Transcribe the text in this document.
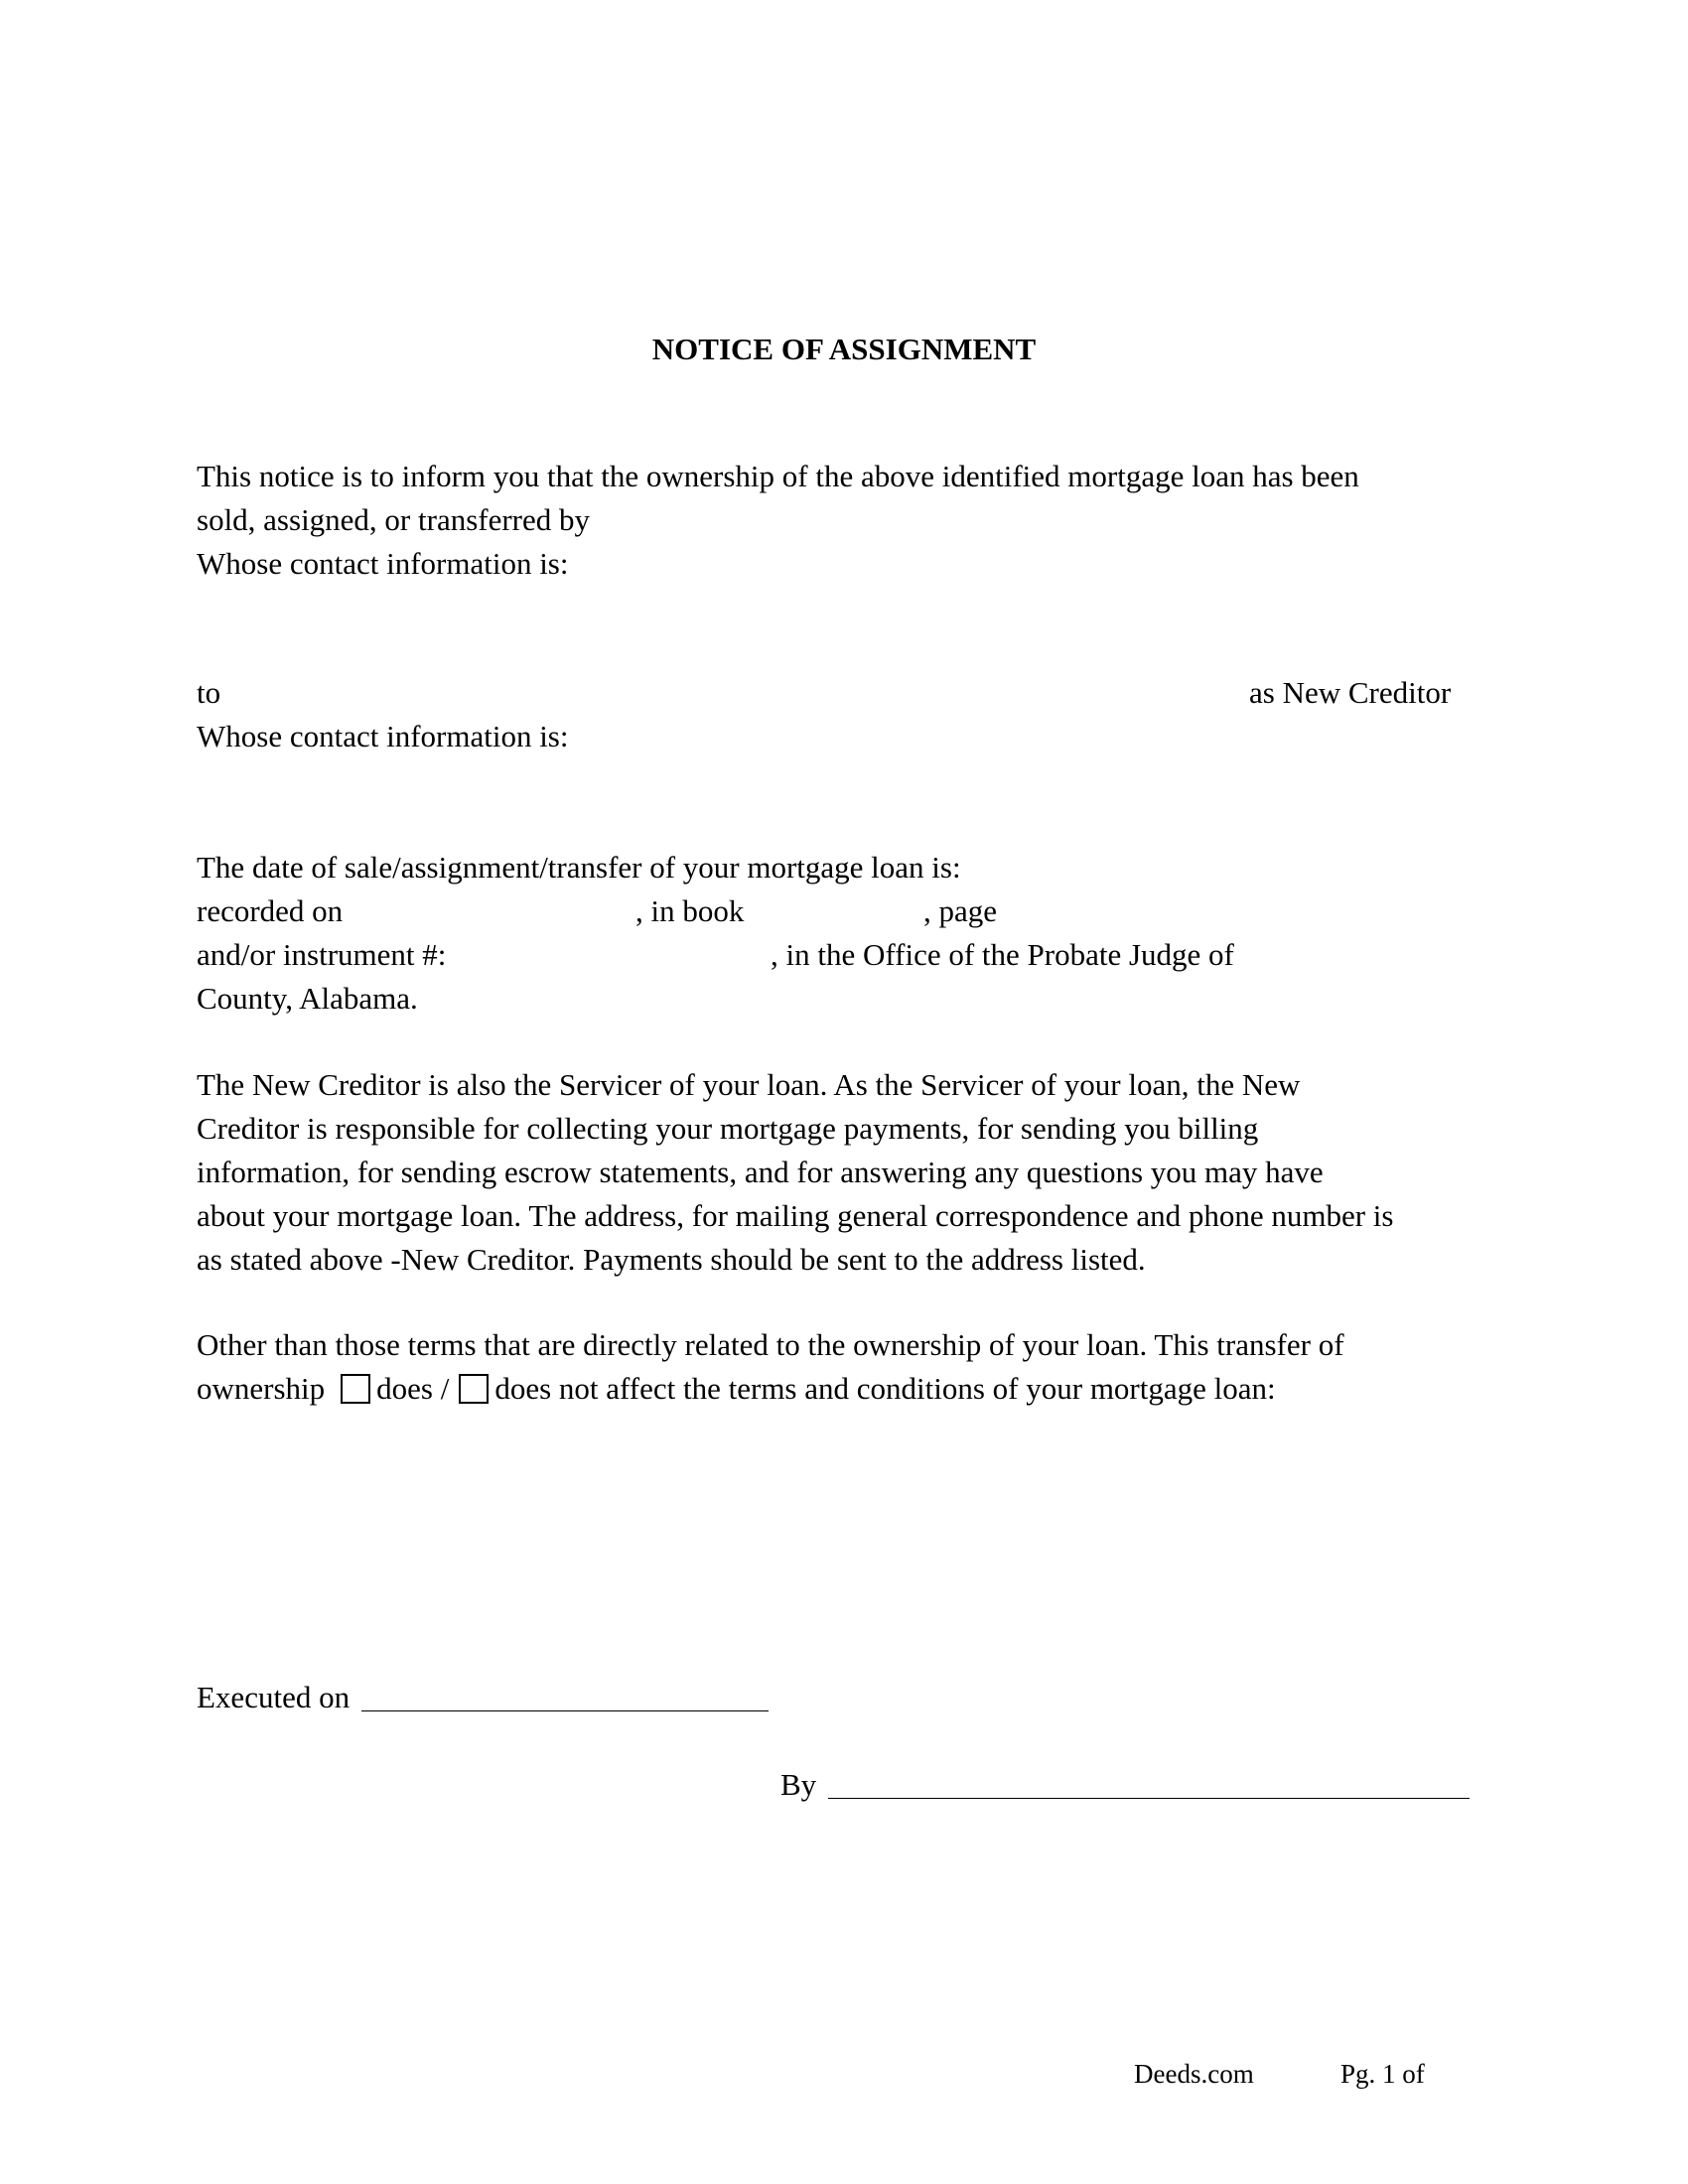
NOTICE OF ASSIGNMENT
This notice is to inform you that the ownership of the above identified mortgage loan has been
sold, assigned, or transferred by
Whose contact information is:
to	as New Creditor
Whose contact information is:
The date of sale/assignment/transfer of your mortgage loan is:
recorded on	, in book	, page
and/or instrument #:	, in the Office of the Probate Judge of
County, Alabama.
The New Creditor is also the Servicer of your loan. As the Servicer of your loan, the New
Creditor is responsible for collecting your mortgage payments, for sending you billing
information, for sending escrow statements, and for answering any questions you may have
about your mortgage loan. The address, for mailing general correspondence and phone number is
as stated above -New Creditor. Payments should be sent to the address listed.
Other than those terms that are directly related to the ownership of your loan. This transfer of
ownership does / does not affect the terms and conditions of your mortgage loan:
Executed on
By
Deeds.com	Pg. 1 of
